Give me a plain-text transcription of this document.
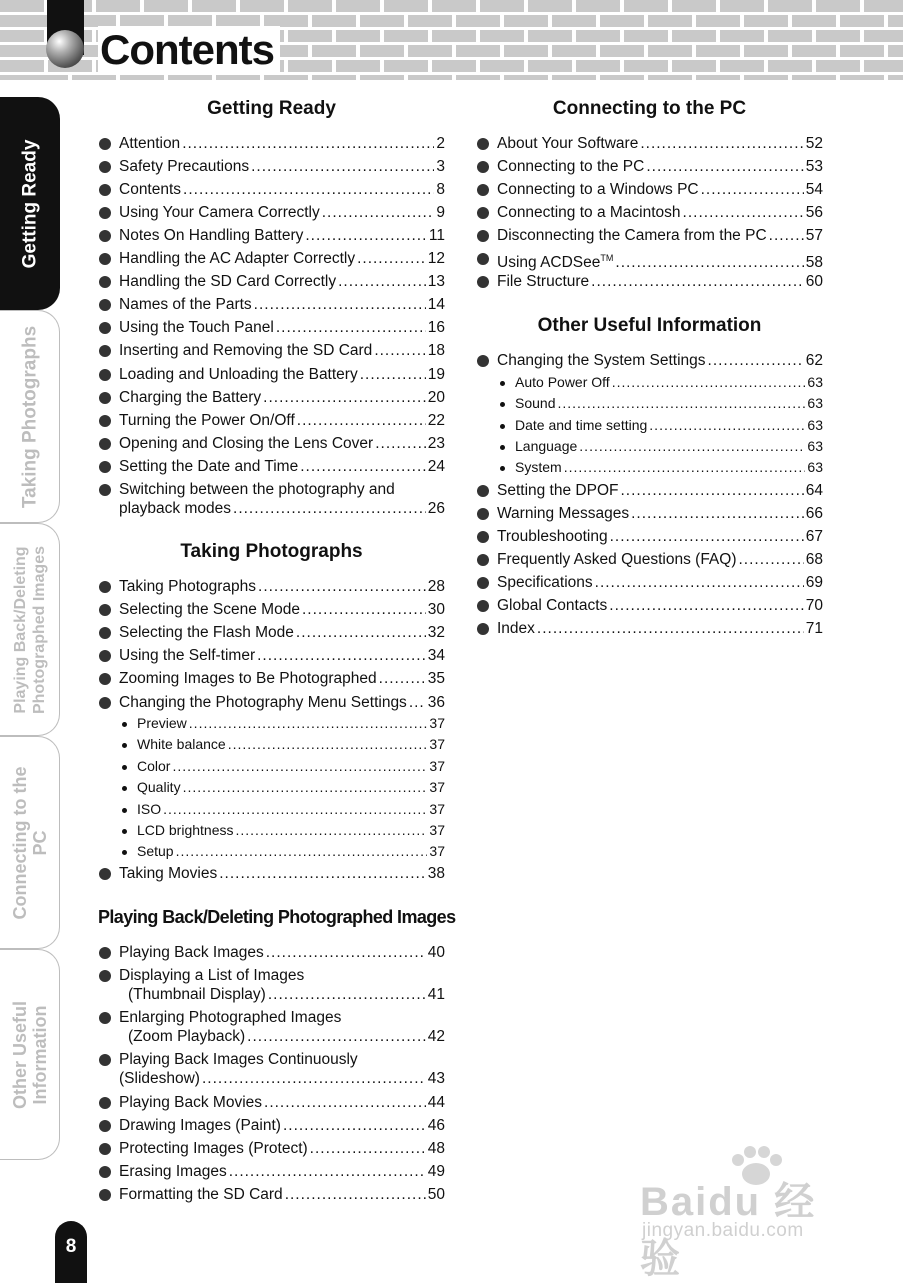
Contents
Getting Ready
Taking Photographs
Playing Back/Deleting Photographed Images
Connecting to the PC
Other Useful Information
Getting Ready
Attention .....	2
Safety Precautions .....	3
Contents .....	8
Using Your Camera Correctly .....	9
Notes On Handling Battery .....	11
Handling the AC Adapter Correctly .....	12
Handling the SD Card Correctly .....	13
Names of the Parts .....	14
Using the Touch Panel .....	16
Inserting and Removing the SD Card .....	18
Loading and Unloading the Battery .....	19
Charging the Battery .....	20
Turning the Power On/Off .....	22
Opening and Closing the Lens Cover .....	23
Setting the Date and Time .....	24
Switching between the photography and
playback modes .....	26
Taking Photographs
Taking Photographs .....	28
Selecting the Scene Mode .....	30
Selecting the Flash Mode .....	32
Using the Self-timer .....	34
Zooming Images to Be Photographed .....	35
Changing the Photography Menu Settings ..... 36
Preview .....	37
White balance .....	37
Color .....	37
Quality .....	37
ISO .....	37
LCD brightness .....	37
Setup .....	37
Taking Movies .....	38
Playing Back/Deleting Photographed Images
Playing Back Images .....	40
Displaying a List of Images
(Thumbnail Display) .....	41
Enlarging Photographed Images
(Zoom Playback) .....	42
Playing Back Images Continuously
(Slideshow) .....	43
Playing Back Movies .....	44
Drawing Images (Paint) .....	46
Protecting Images (Protect) .....	48
Erasing Images .....	49
Formatting the SD Card .....	50
Connecting to the PC
About Your Software .....	52
Connecting to the PC .....	53
Connecting to a Windows PC .....	54
Connecting to a Macintosh .....	56
Disconnecting the Camera from the PC .....	57
Using ACDSee™ .....	58
File Structure .....	60
Other Useful Information
Changing the System Settings .....	62
Auto Power Off .....	63
Sound .....	63
Date and time setting .....	63
Language .....	63
System .....	63
Setting the DPOF .....	64
Warning Messages .....	66
Troubleshooting .....	67
Frequently Asked Questions (FAQ) .....	68
Specifications .....	69
Global Contacts .....	70
Index .....	71
8
Baidu 经验
jingyan.baidu.com
